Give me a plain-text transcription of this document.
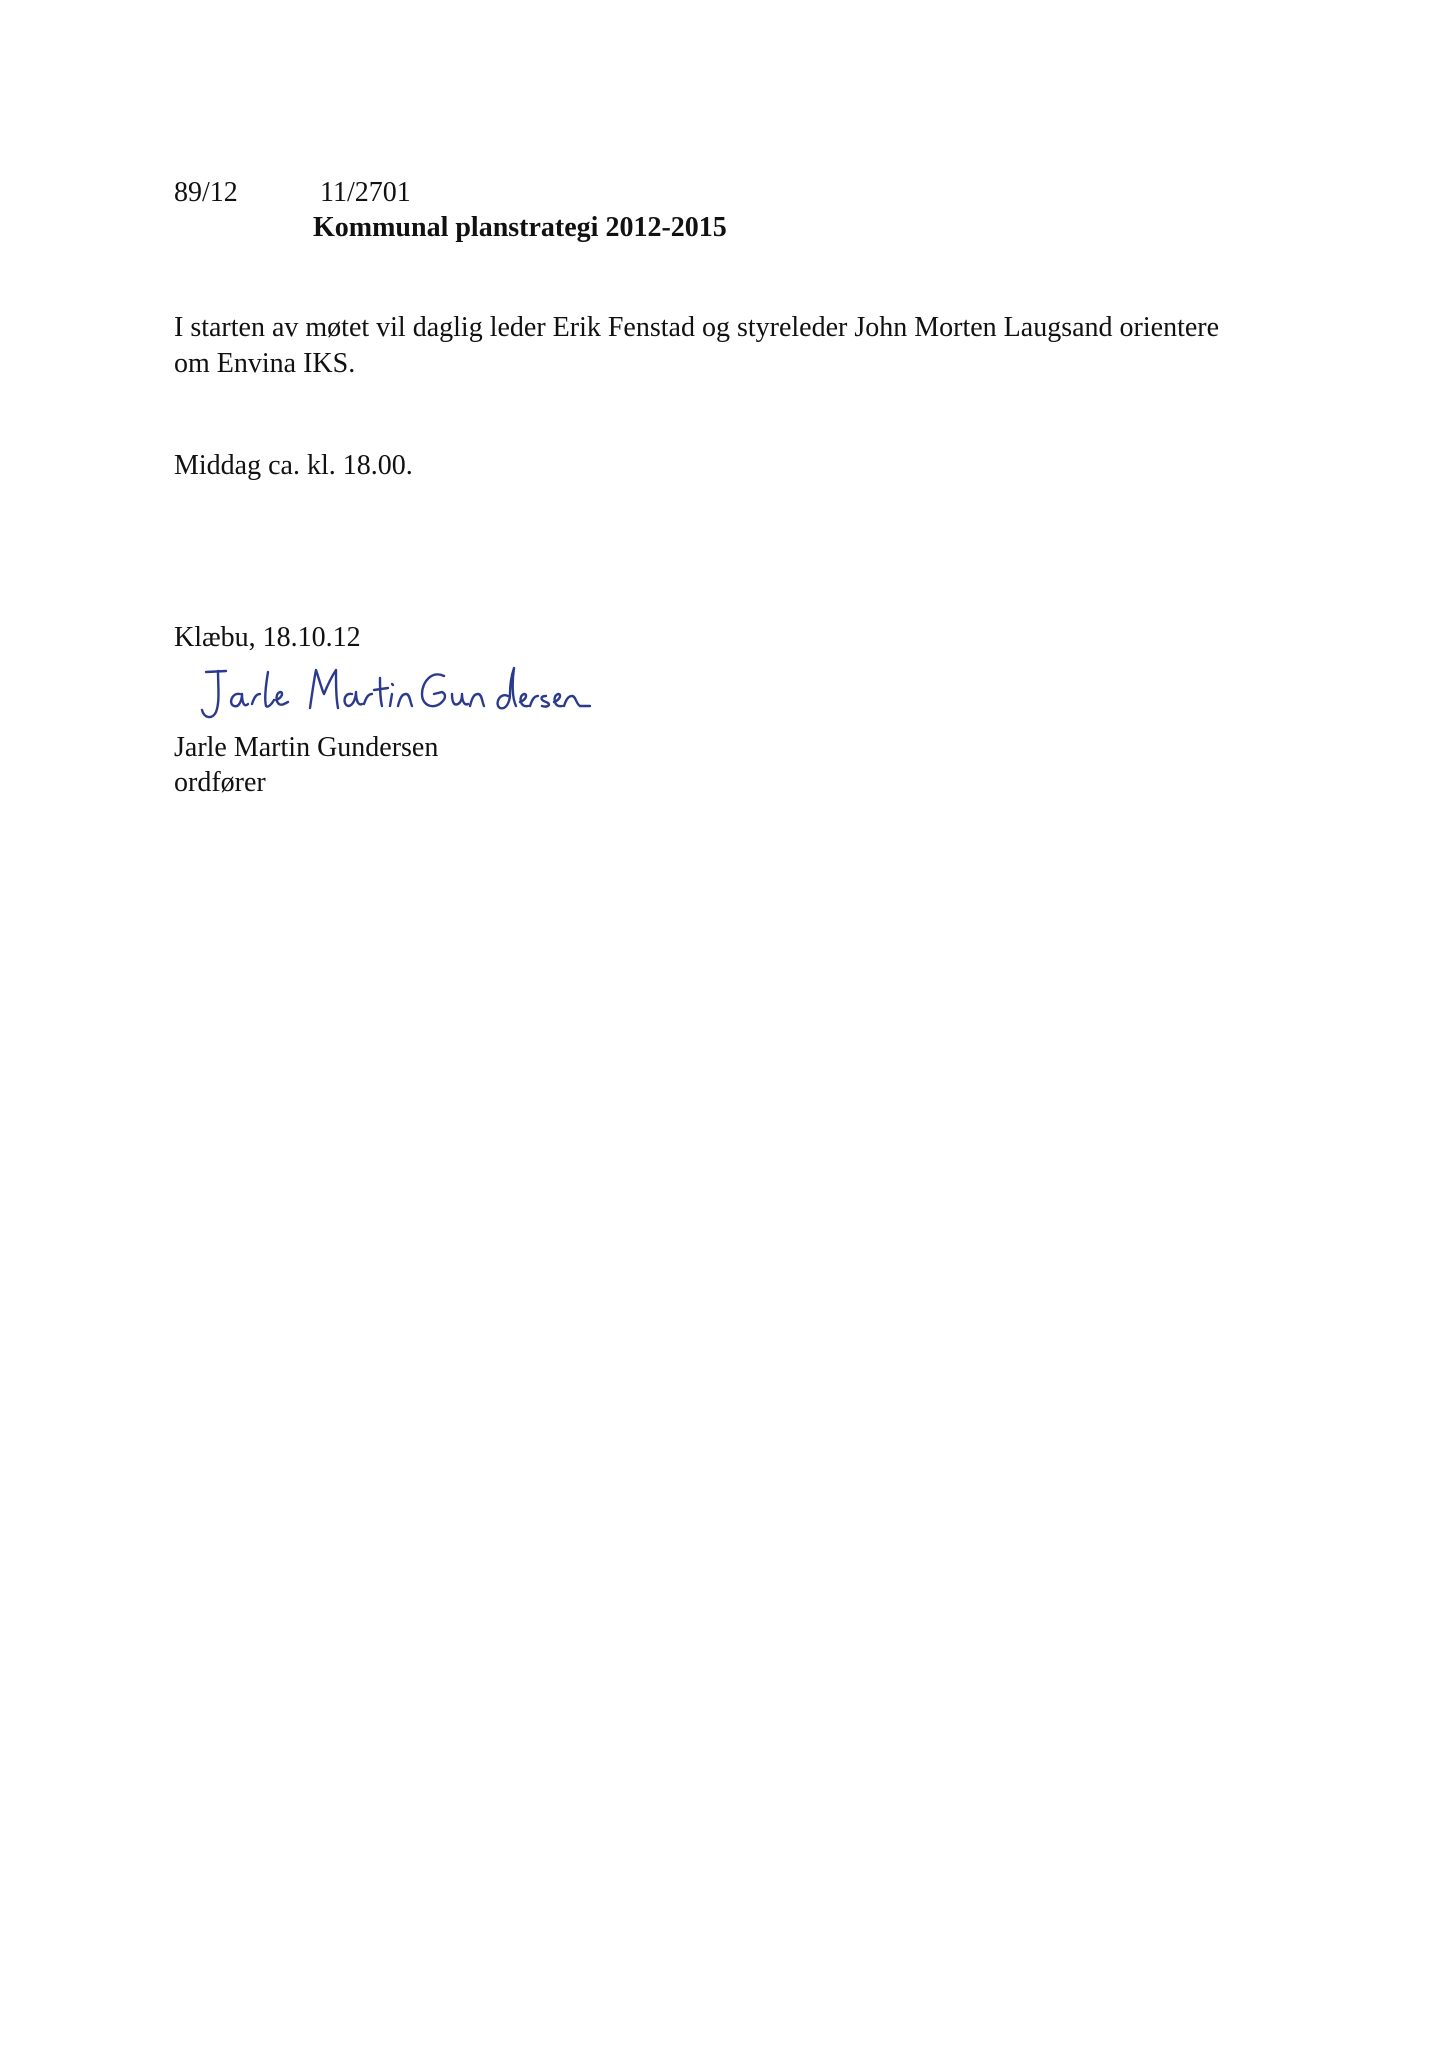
89/12	11/2701
Kommunal planstrategi 2012-2015
I starten av møtet vil daglig leder Erik Fenstad og styreleder John Morten Laugsand orientere
om Envina IKS.
Middag ca. kl. 18.00.
Klæbu, 18.10.12
Jarle Martin Gundersen
ordfører
